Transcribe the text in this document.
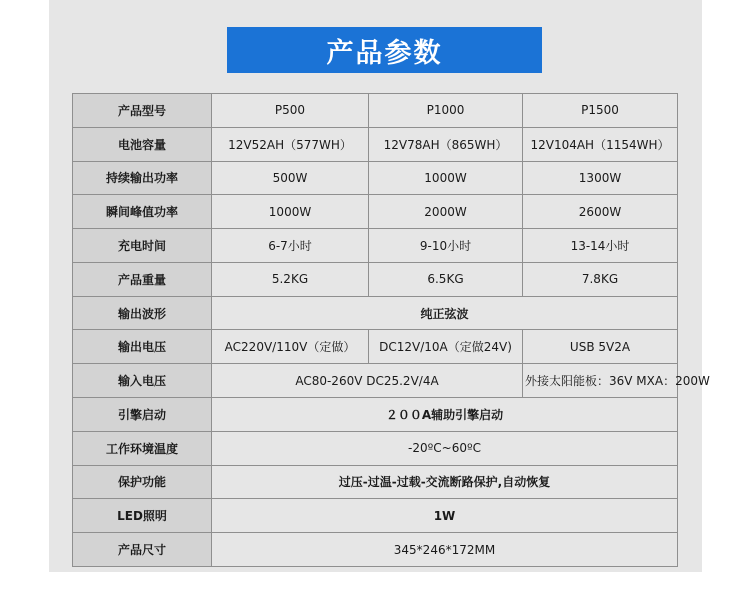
产品参数
产品型号	P500	P1000	P1500
电池容量	12V52AH（577WH）	12V78AH（865WH）	12V104AH（1154WH）
持续输出功率	500W	1000W	1300W
瞬间峰值功率	1000W	2000W	2600W
充电时间	6-7小时	9-10小时	13-14小时
产品重量	5.2KG	6.5KG	7.8KG
输出波形	纯正弦波		
输出电压	AC220V/110V（定做）	DC12V/10A（定做24V)	USB 5V2A
输入电压	AC80-260V DC25.2V/4A		外接太阳能板：36V MXA：200W
引擎启动	２００A辅助引擎启动		
工作环境温度	-20ºC~60ºC		
保护功能	过压-过温-过载-交流断路保护,自动恢复		
LED照明	1W		
产品尺寸	345*246*172MM		
